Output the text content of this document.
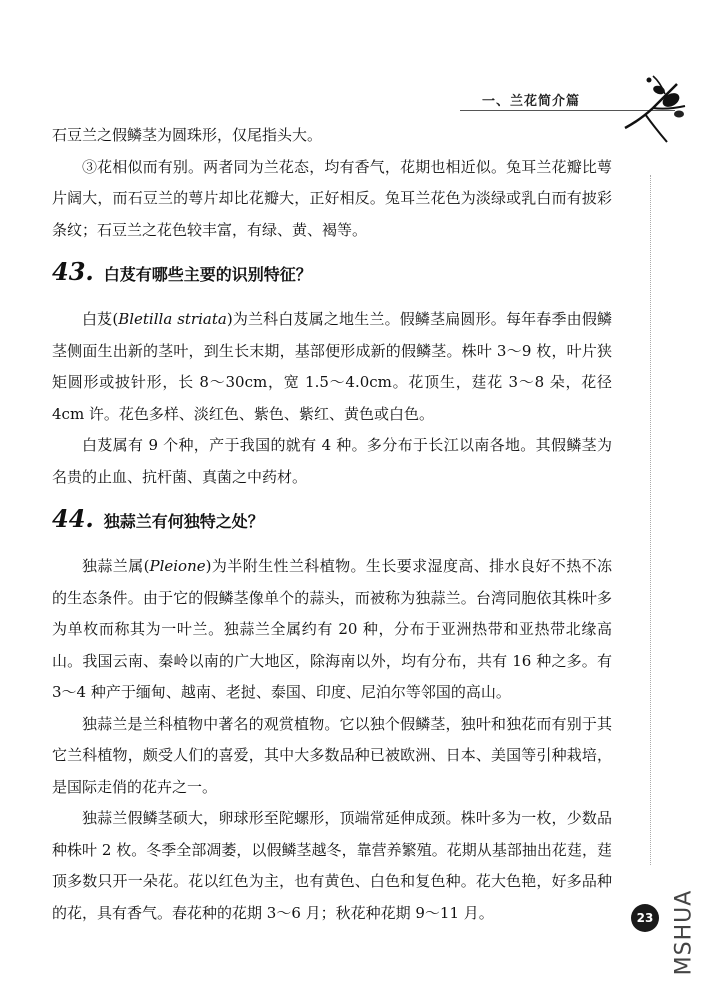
一、兰花简介篇

石豆兰之假鳞茎为圆珠形，仅尾指头大。

③花相似而有别。两者同为兰花态，均有香气，花期也相近似。兔耳兰花瓣比萼片阔大，而石豆兰的萼片却比花瓣大，正好相反。兔耳兰花色为淡绿或乳白而有披彩条纹；石豆兰之花色较丰富，有绿、黄、褐等。

43. 白芨有哪些主要的识别特征？

白芨(Bletilla striata)为兰科白芨属之地生兰。假鳞茎扁圆形。每年春季由假鳞茎侧面生出新的茎叶，到生长末期，基部便形成新的假鳞茎。株叶 3～9 枚，叶片狭矩圆形或披针形，长 8～30cm，宽 1.5～4.0cm。花顶生，莛花 3～8 朵，花径 4cm 许。花色多样、淡红色、紫色、紫红、黄色或白色。

白芨属有 9 个种，产于我国的就有 4 种。多分布于长江以南各地。其假鳞茎为名贵的止血、抗杆菌、真菌之中药材。

44. 独蒜兰有何独特之处？

独蒜兰属(Pleione)为半附生性兰科植物。生长要求湿度高、排水良好不热不冻的生态条件。由于它的假鳞茎像单个的蒜头，而被称为独蒜兰。台湾同胞依其株叶多为单枚而称其为一叶兰。独蒜兰全属约有 20 种，分布于亚洲热带和亚热带北缘高山。我国云南、秦岭以南的广大地区，除海南以外，均有分布，共有 16 种之多。有 3～4 种产于缅甸、越南、老挝、泰国、印度、尼泊尔等邻国的高山。

独蒜兰是兰科植物中著名的观赏植物。它以独个假鳞茎，独叶和独花而有别于其它兰科植物，颇受人们的喜爱，其中大多数品种已被欧洲、日本、美国等引种栽培，是国际走俏的花卉之一。

独蒜兰假鳞茎硕大，卵球形至陀螺形，顶端常延伸成颈。株叶多为一枚，少数品种株叶 2 枚。冬季全部凋萎，以假鳞茎越冬，靠营养繁殖。花期从基部抽出花莛，莛顶多数只开一朵花。花以红色为主，也有黄色、白色和复色种。花大色艳，好多品种的花，具有香气。春花种的花期 3～6 月；秋花种花期 9～11 月。	23 MSHUA
